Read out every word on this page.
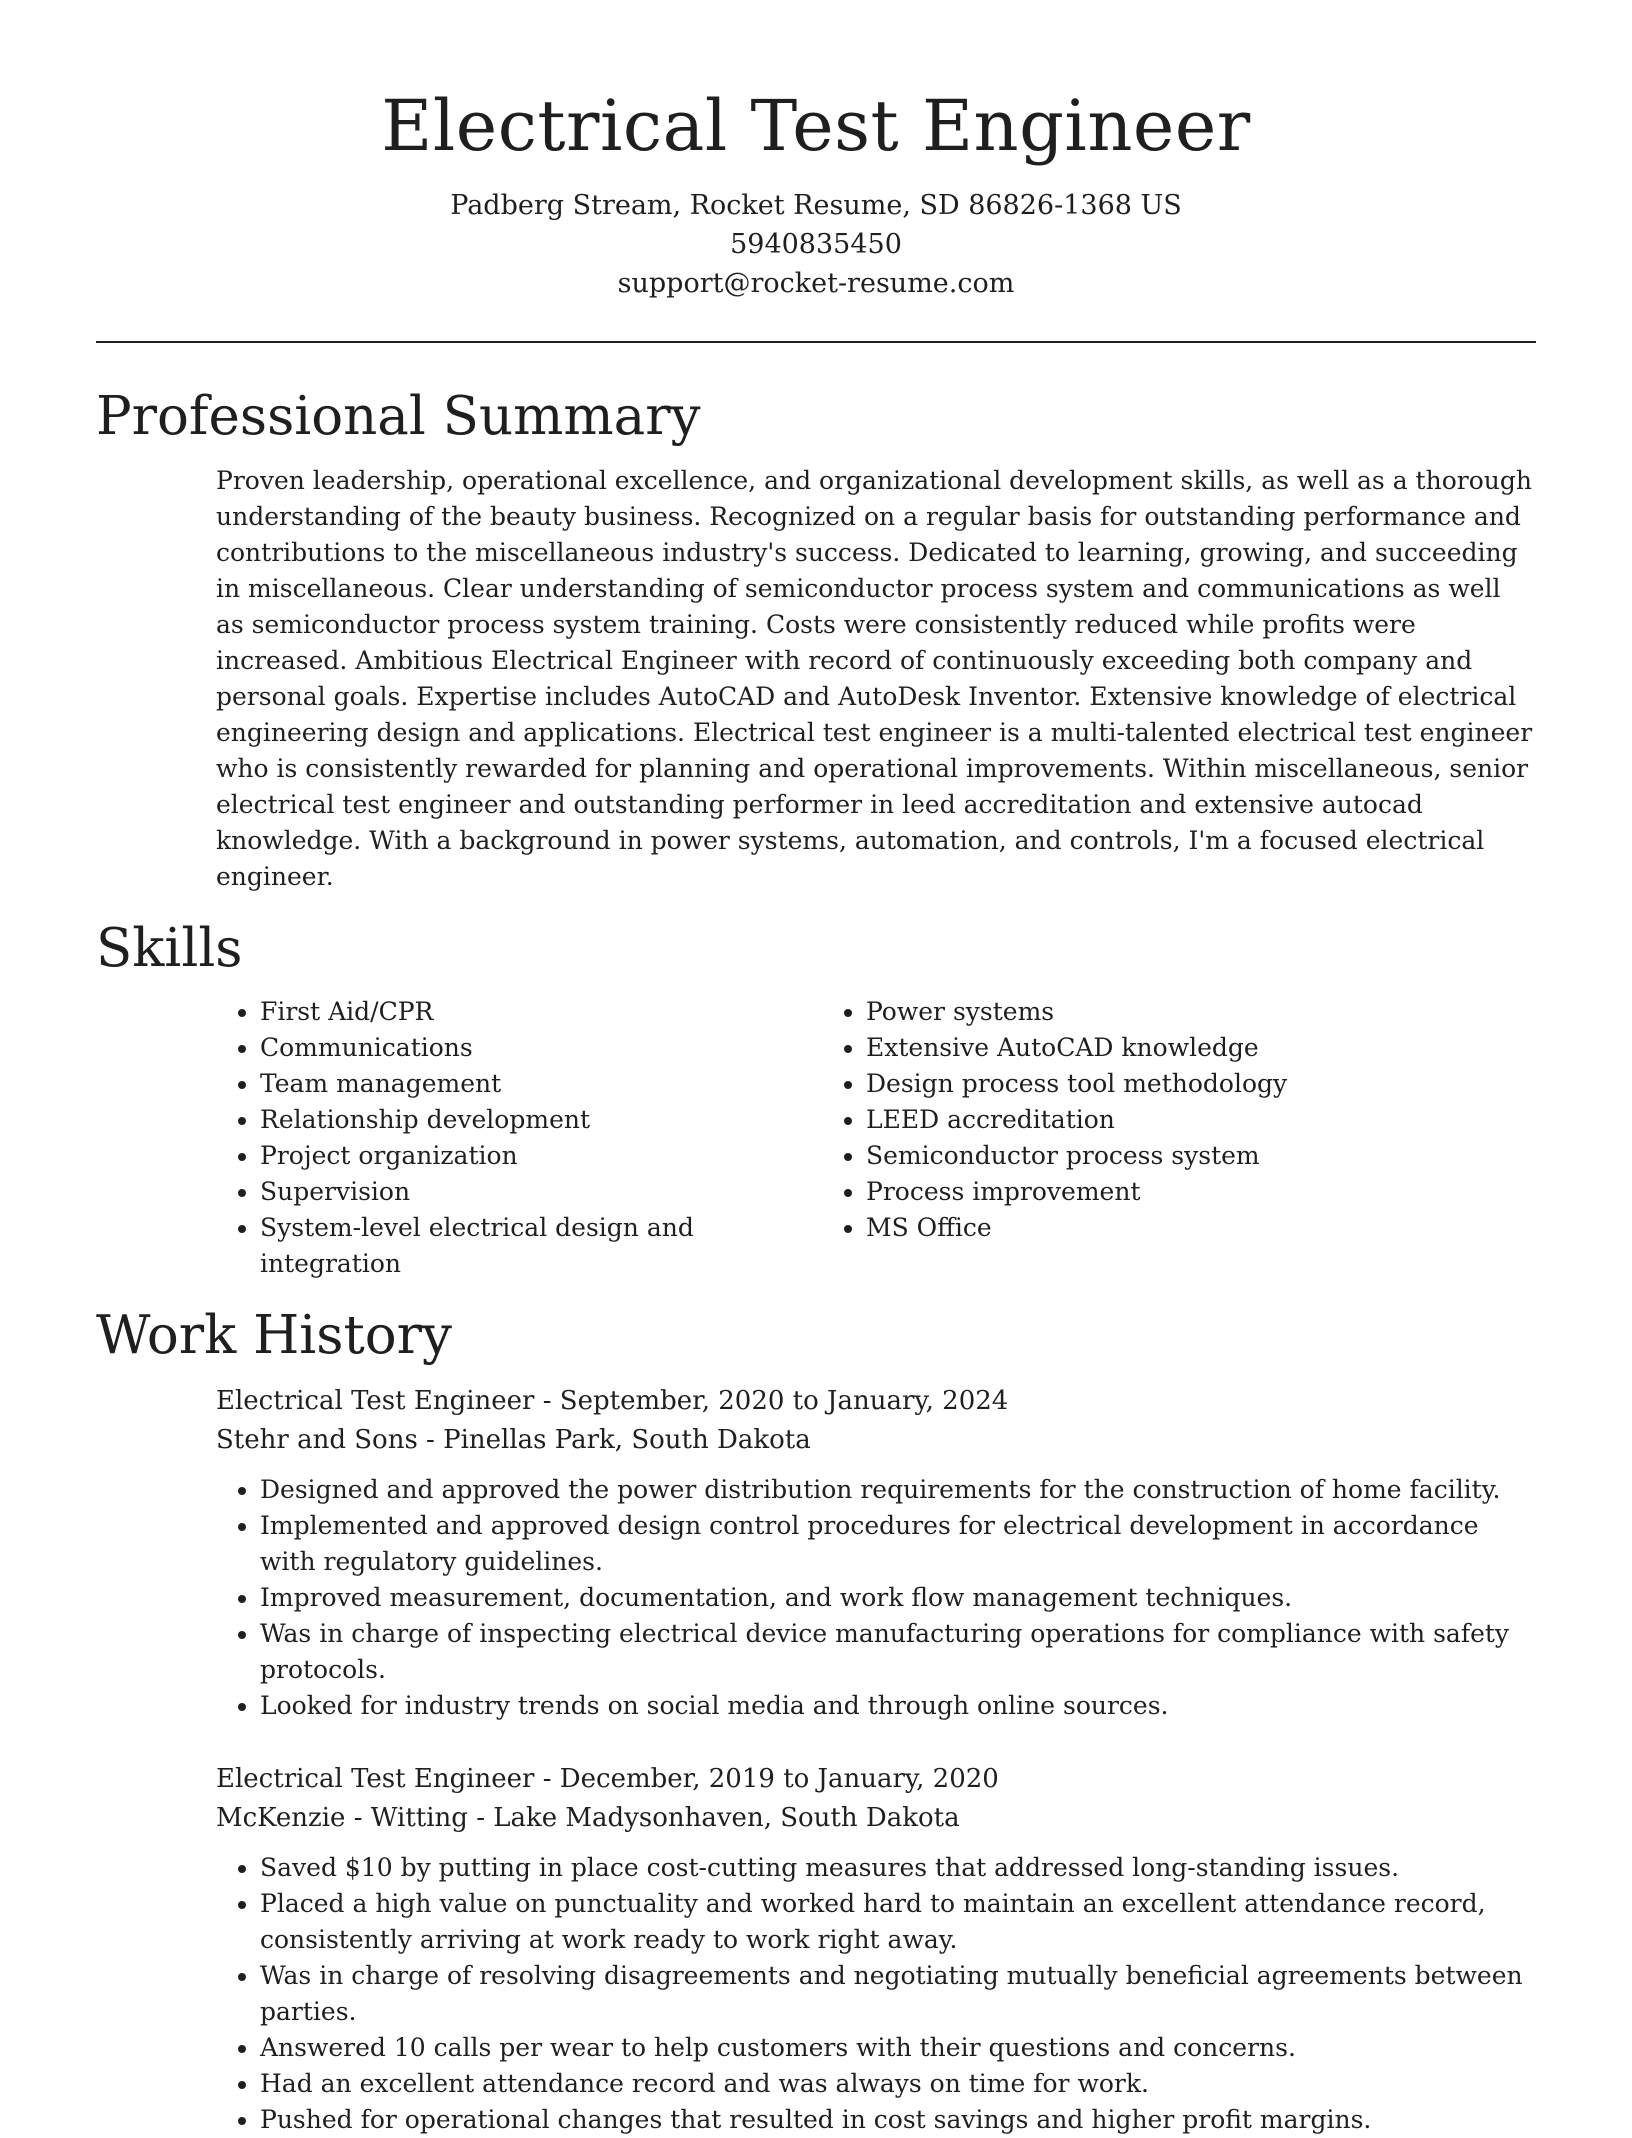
Electrical Test Engineer

Padberg Stream, Rocket Resume, SD 86826-1368 US

5940835450

support@rocket-resume.com

Professional Summary

Proven leadership, operational excellence, and organizational development skills, as well as a thorough understanding of the beauty business. Recognized on a regular basis for outstanding performance and contributions to the miscellaneous industry's success. Dedicated to learning, growing, and succeeding in miscellaneous. Clear understanding of semiconductor process system and communications as well as semiconductor process system training. Costs were consistently reduced while profits were increased. Ambitious Electrical Engineer with record of continuously exceeding both company and personal goals. Expertise includes AutoCAD and AutoDesk Inventor. Extensive knowledge of electrical engineering design and applications. Electrical test engineer is a multi-talented electrical test engineer who is consistently rewarded for planning and operational improvements. Within miscellaneous, senior electrical test engineer and outstanding performer in leed accreditation and extensive autocad knowledge. With a background in power systems, automation, and controls, I'm a focused electrical engineer.

Skills
• First Aid/CPR
• Communications
• Team management
• Relationship development
• Project organization
• Supervision
• System-level electrical design and integration
• Power systems
• Extensive AutoCAD knowledge
• Design process tool methodology
• LEED accreditation
• Semiconductor process system
• Process improvement
• MS Office
Work History

Electrical Test Engineer - September, 2020 to January, 2024

Stehr and Sons - Pinellas Park, South Dakota

• Designed and approved the power distribution requirements for the construction of home facility.
• Implemented and approved design control procedures for electrical development in accordance with regulatory guidelines.
• Improved measurement, documentation, and work flow management techniques.
• Was in charge of inspecting electrical device manufacturing operations for compliance with safety protocols.
• Looked for industry trends on social media and through online sources.

Electrical Test Engineer - December, 2019 to January, 2020

McKenzie - Witting - Lake Madysonhaven, South Dakota

• Saved $10 by putting in place cost-cutting measures that addressed long-standing issues.
• Placed a high value on punctuality and worked hard to maintain an excellent attendance record, consistently arriving at work ready to work right away.
• Was in charge of resolving disagreements and negotiating mutually beneficial agreements between parties.
• Answered 10 calls per wear to help customers with their questions and concerns.
• Had an excellent attendance record and was always on time for work.
• Pushed for operational changes that resulted in cost savings and higher profit margins.
